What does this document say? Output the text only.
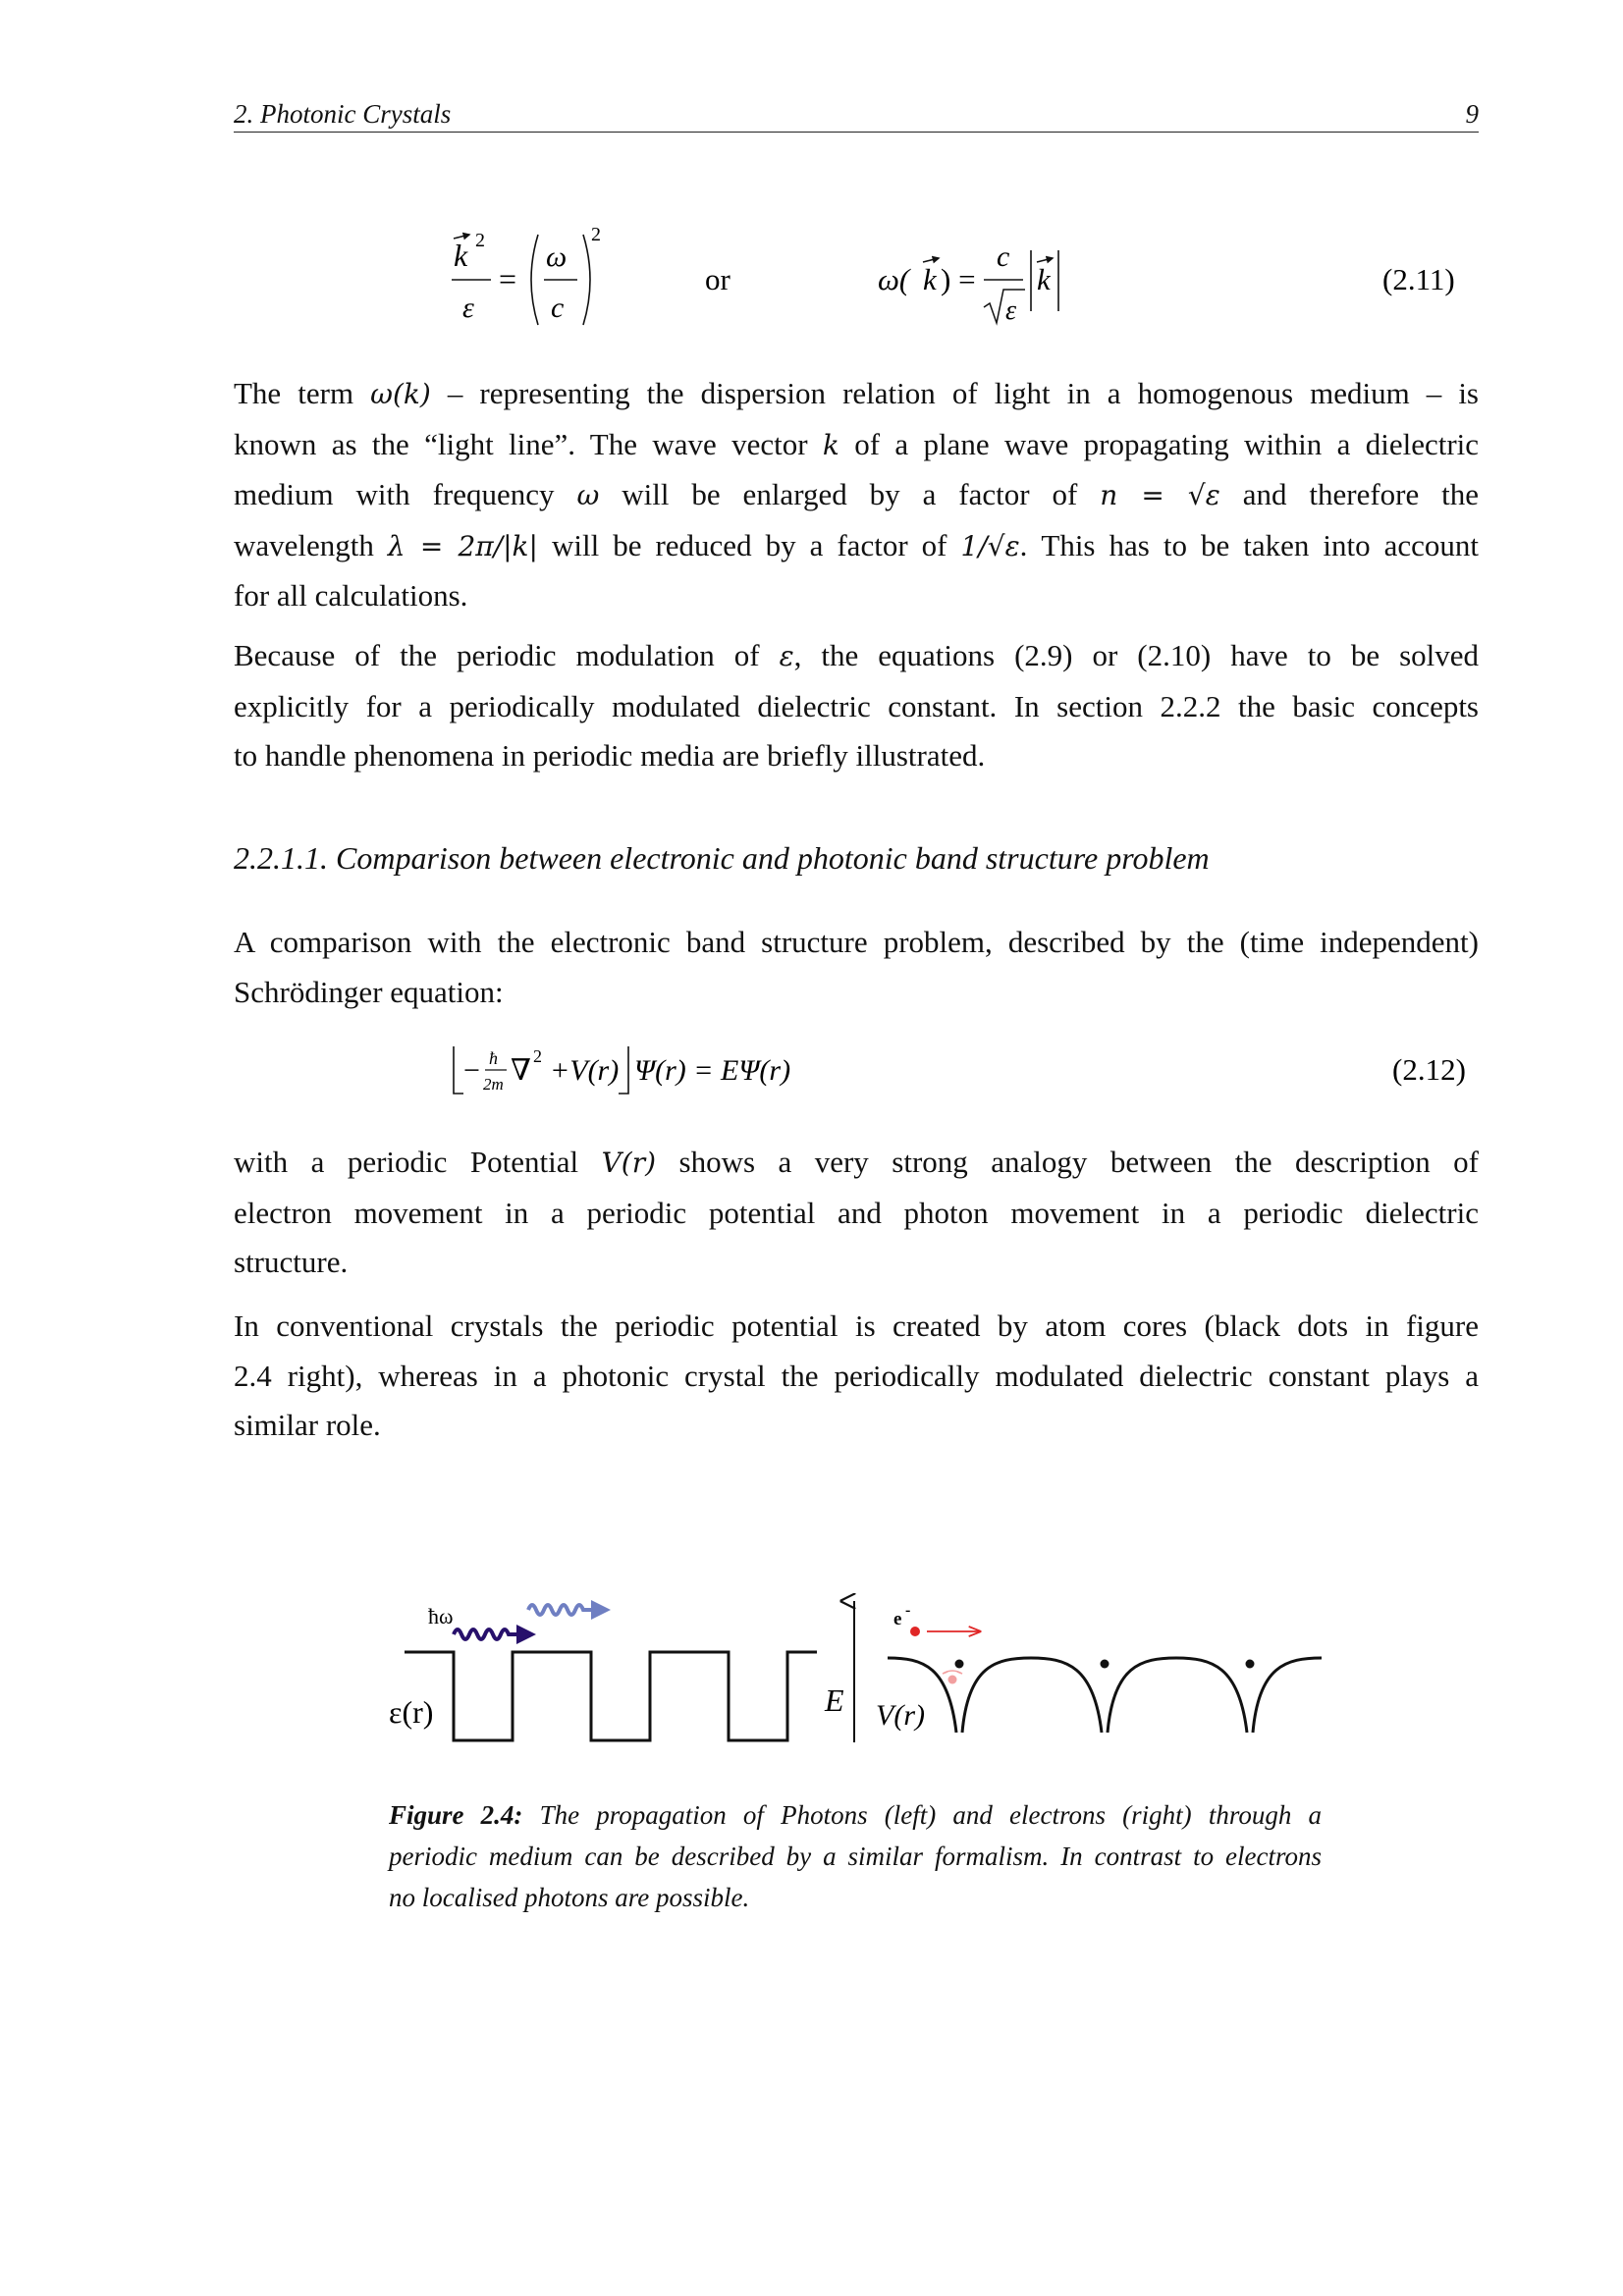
2. Photonic Crystals	9
k 2
ε
=
ω
c
2
or	ω( k ) =
c
ε
k	(2.11)
The term ω(k) – representing the dispersion relation of light in a homogenous medium – is
known as the “light line”. The wave vector k of a plane wave propagating within a dielectric
medium with frequency ω will be enlarged by a factor of n = √ε and therefore the
wavelength λ = 2π/|k| will be reduced by a factor of 1/√ε. This has to be taken into account
for all calculations.
Because of the periodic modulation of ε, the equations (2.9) or (2.10) have to be solved
explicitly for a periodically modulated dielectric constant. In section 2.2.2 the basic concepts
to handle phenomena in periodic media are briefly illustrated.
2.2.1.1. Comparison between electronic and photonic band structure problem
A comparison with the electronic band structure problem, described by the (time independent)
Schrödinger equation:
− ħ
2m ∇ 2 +V(r) Ψ(r) = EΨ(r)	(2.12)
with a periodic Potential V(r) shows a very strong analogy between the description of
electron movement in a periodic potential and photon movement in a periodic dielectric
structure.
In conventional crystals the periodic potential is created by atom cores (black dots in figure
2.4 right), whereas in a photonic crystal the periodically modulated dielectric constant plays a
similar role.
ħω
ε(r)	E
e -
V(r)
Figure 2.4: The propagation of Photons (left) and electrons (right) through a
periodic medium can be described by a similar formalism. In contrast to electrons
no localised photons are possible.
